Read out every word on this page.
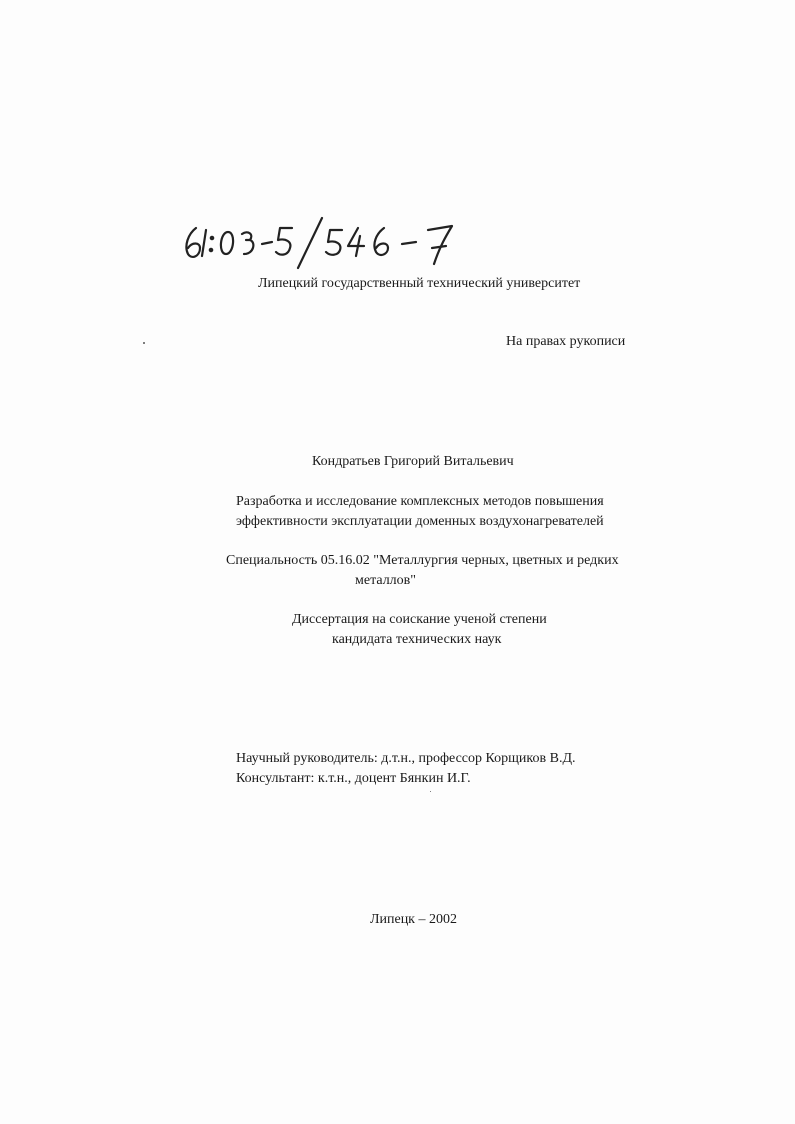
Липецкий государственный технический университет
На правах рукописи
Кондратьев Григорий Витальевич
Разработка и исследование комплексных методов повышения
эффективности эксплуатации доменных воздухонагревателей
Специальность 05.16.02 "Металлургия черных, цветных и редких
металлов"
Диссертация на соискание ученой степени
кандидата технических наук
Научный руководитель: д.т.н., профессор Корщиков В.Д.
Консультант: к.т.н., доцент Бянкин И.Г.
Липецк – 2002
